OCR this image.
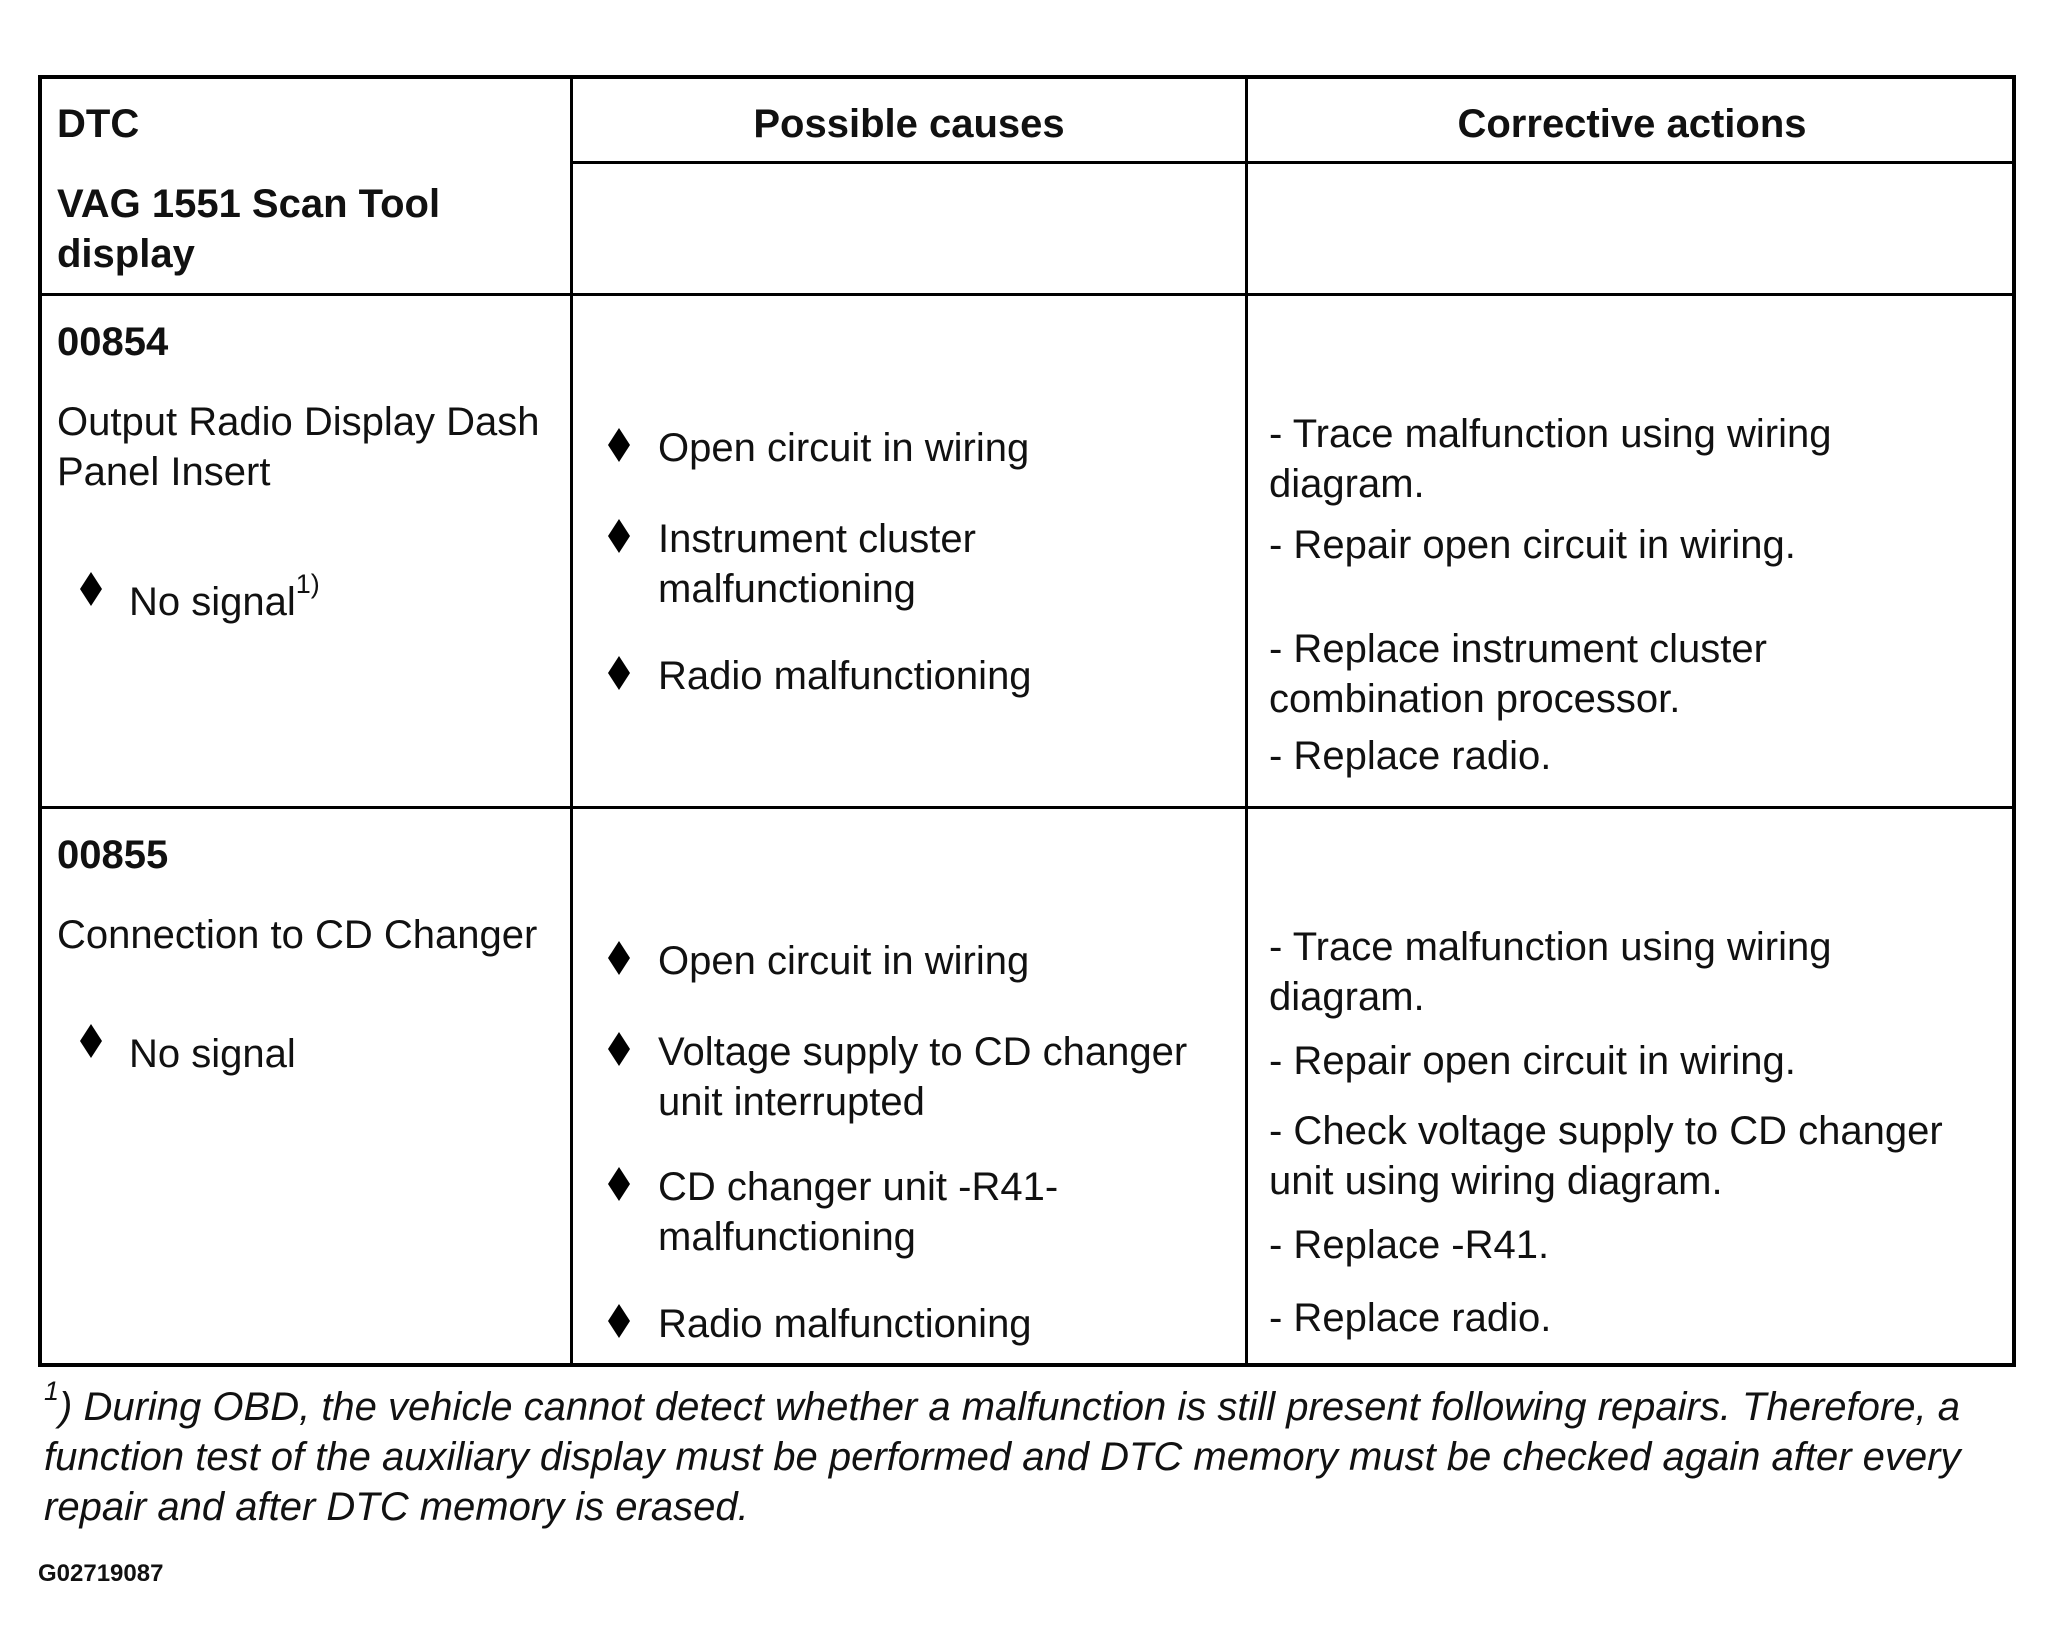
DTC
VAG 1551 Scan Tool
display
Possible causes	Corrective actions
00854
Output Radio Display Dash
Panel Insert
No signal$^{1)}$
Open circuit in wiring
Instrument cluster
malfunctioning
Radio malfunctioning
- Trace malfunction using wiring
diagram.
- Repair open circuit in wiring.
- Replace instrument cluster
combination processor.
- Replace radio.
00855
Connection to CD Changer
No signal
Open circuit in wiring
Voltage supply to CD changer
unit interrupted
CD changer unit -R41-
malfunctioning
Radio malfunctioning
- Trace malfunction using wiring
diagram.
- Repair open circuit in wiring.
- Check voltage supply to CD changer
unit using wiring diagram.
- Replace -R41.
- Replace radio.
$^1$) During OBD, the vehicle cannot detect whether a malfunction is still present following repairs. Therefore, a
function test of the auxiliary display must be performed and DTC memory must be checked again after every
repair and after DTC memory is erased.
G02719087
